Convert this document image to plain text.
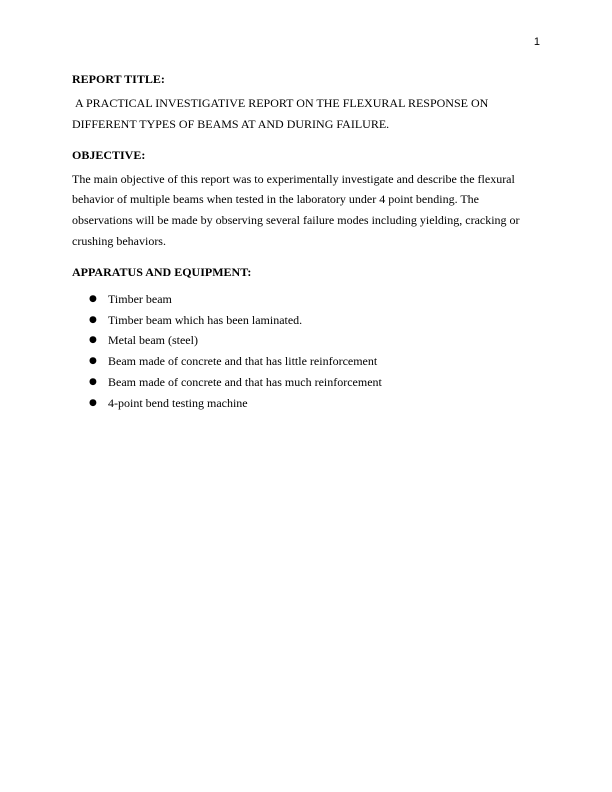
1

REPORT TITLE:

A PRACTICAL INVESTIGATIVE REPORT ON THE FLEXURAL RESPONSE ON DIFFERENT TYPES OF BEAMS AT AND DURING FAILURE.

OBJECTIVE:

The main objective of this report was to experimentally investigate and describe the flexural behavior of multiple beams when tested in the laboratory under 4 point bending. The observations will be made by observing several failure modes including yielding, cracking or crushing behaviors.

APPARATUS AND EQUIPMENT:

● Timber beam
● Timber beam which has been laminated.
● Metal beam (steel)
● Beam made of concrete and that has little reinforcement
● Beam made of concrete and that has much reinforcement
● 4-point bend testing machine
